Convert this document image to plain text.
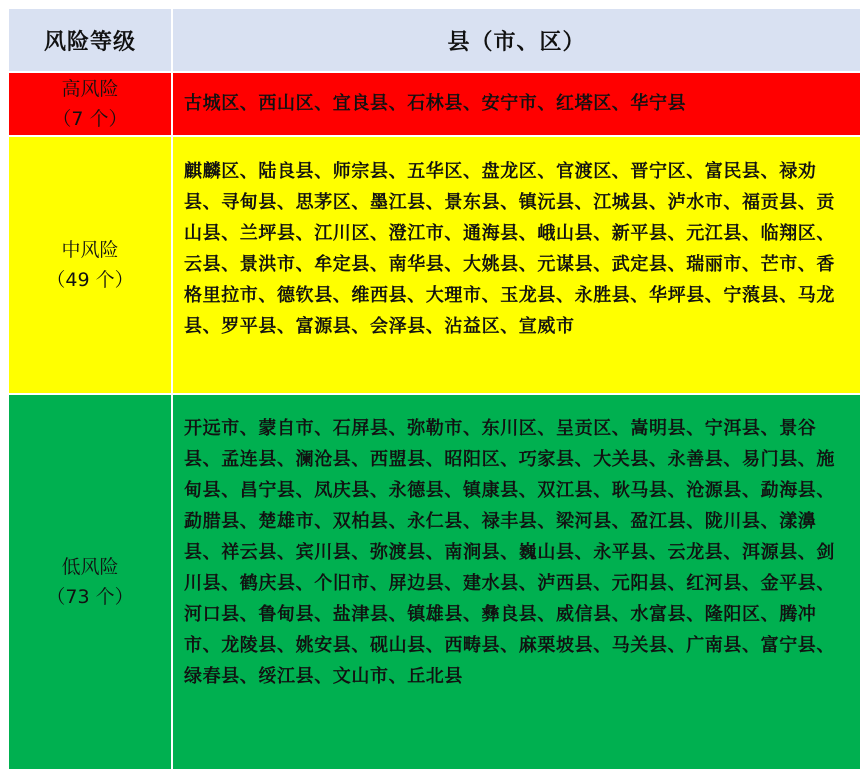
风险等级	县（市、区）

高风险
（7 个）	古城区、西山区、宜良县、石林县、安宁市、红塔区、华宁县

中风险
（49 个）	麒麟区、陆良县、师宗县、五华区、盘龙区、官渡区、晋宁区、富民县、禄劝县、寻甸县、思茅区、墨江县、景东县、镇沅县、江城县、泸水市、福贡县、贡山县、兰坪县、江川区、澄江市、通海县、峨山县、新平县、元江县、临翔区、云县、景洪市、牟定县、南华县、大姚县、元谋县、武定县、瑞丽市、芒市、香格里拉市、德钦县、维西县、大理市、玉龙县、永胜县、华坪县、宁蒗县、马龙县、罗平县、富源县、会泽县、沾益区、宣威市

低风险
（73 个）	开远市、蒙自市、石屏县、弥勒市、东川区、呈贡区、嵩明县、宁洱县、景谷县、孟连县、澜沧县、西盟县、昭阳区、巧家县、大关县、永善县、易门县、施甸县、昌宁县、凤庆县、永德县、镇康县、双江县、耿马县、沧源县、勐海县、勐腊县、楚雄市、双柏县、永仁县、禄丰县、梁河县、盈江县、陇川县、漾濞县、祥云县、宾川县、弥渡县、南涧县、巍山县、永平县、云龙县、洱源县、剑川县、鹤庆县、个旧市、屏边县、建水县、泸西县、元阳县、红河县、金平县、河口县、鲁甸县、盐津县、镇雄县、彝良县、威信县、水富县、隆阳区、腾冲市、龙陵县、姚安县、砚山县、西畴县、麻栗坡县、马关县、广南县、富宁县、绿春县、绥江县、文山市、丘北县
